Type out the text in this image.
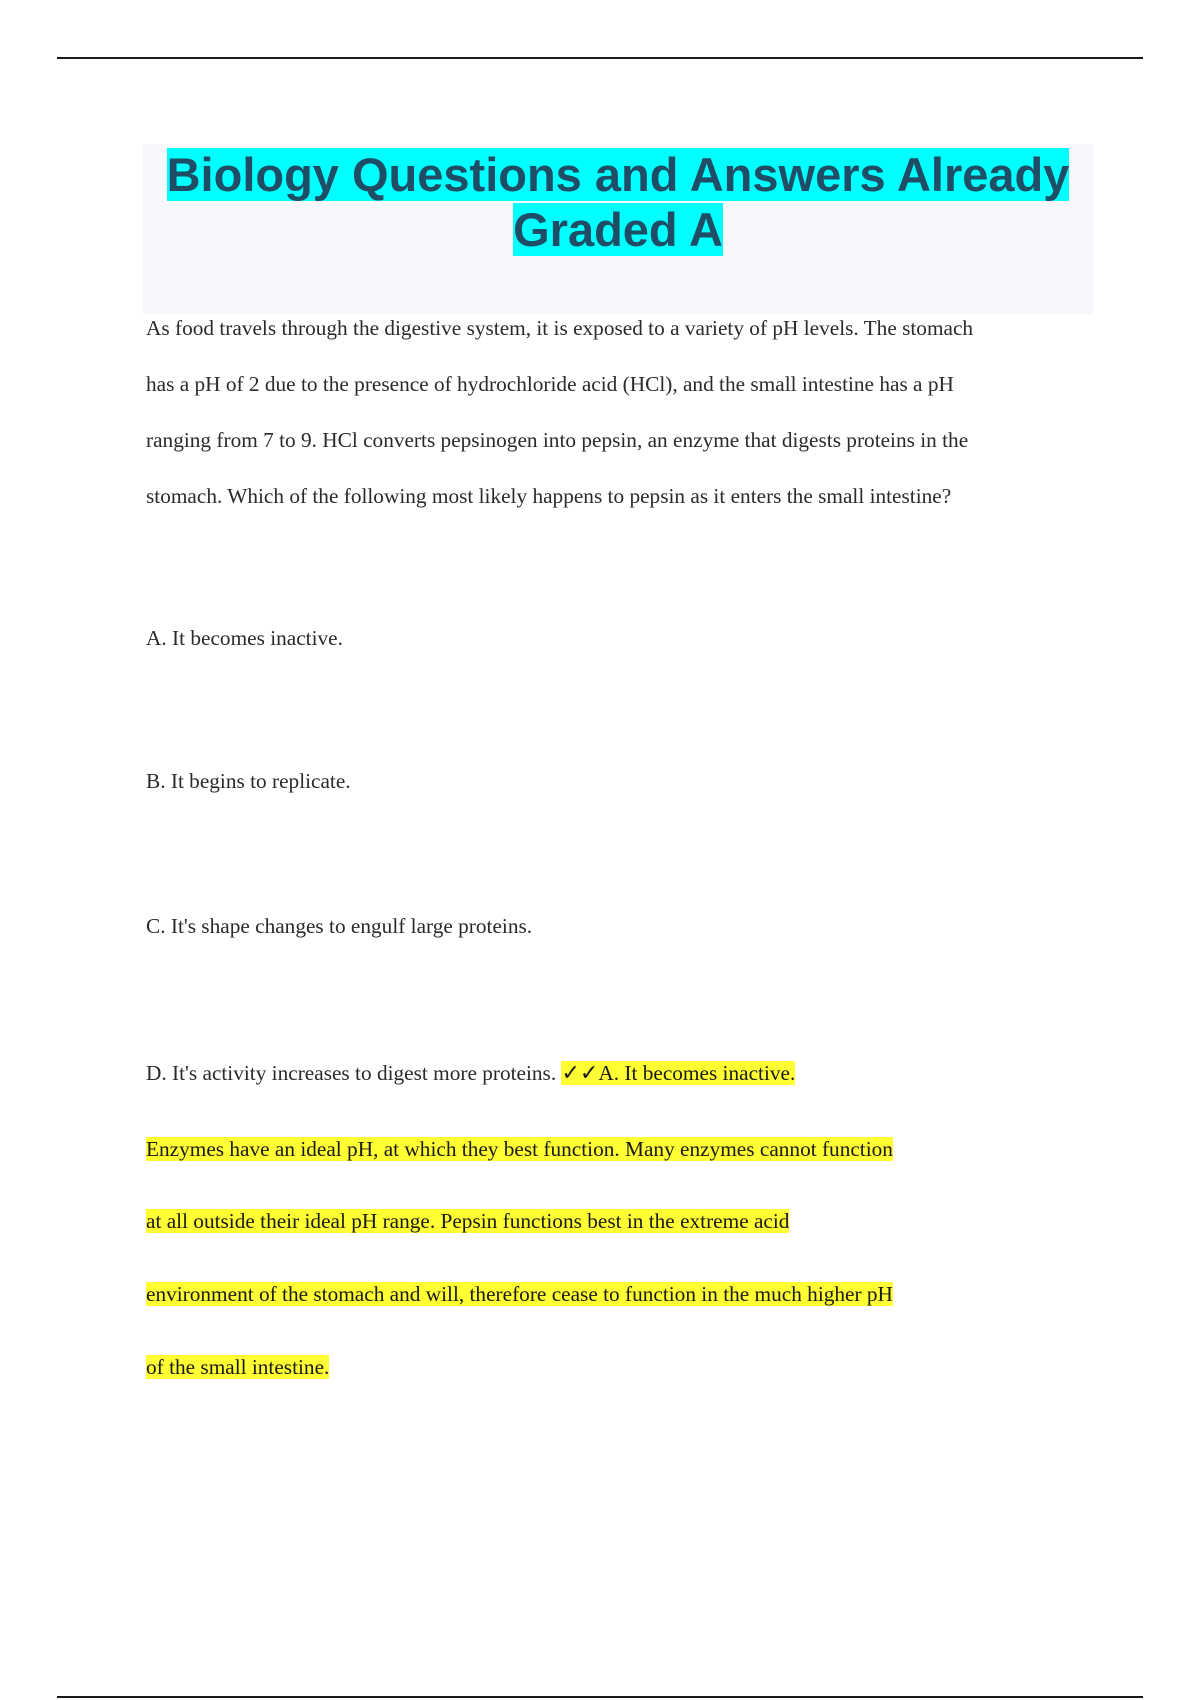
Biology Questions and Answers Already
Graded A

As food travels through the digestive system, it is exposed to a variety of pH levels. The stomach

has a pH of 2 due to the presence of hydrochloride acid (HCl), and the small intestine has a pH

ranging from 7 to 9. HCl converts pepsinogen into pepsin, an enzyme that digests proteins in the

stomach. Which of the following most likely happens to pepsin as it enters the small intestine?

A. It becomes inactive.

B. It begins to replicate.

C. It's shape changes to engulf large proteins.

D. It's activity increases to digest more proteins. ✓✓A. It becomes inactive.

Enzymes have an ideal pH, at which they best function. Many enzymes cannot function

at all outside their ideal pH range. Pepsin functions best in the extreme acid

environment of the stomach and will, therefore cease to function in the much higher pH

of the small intestine.
